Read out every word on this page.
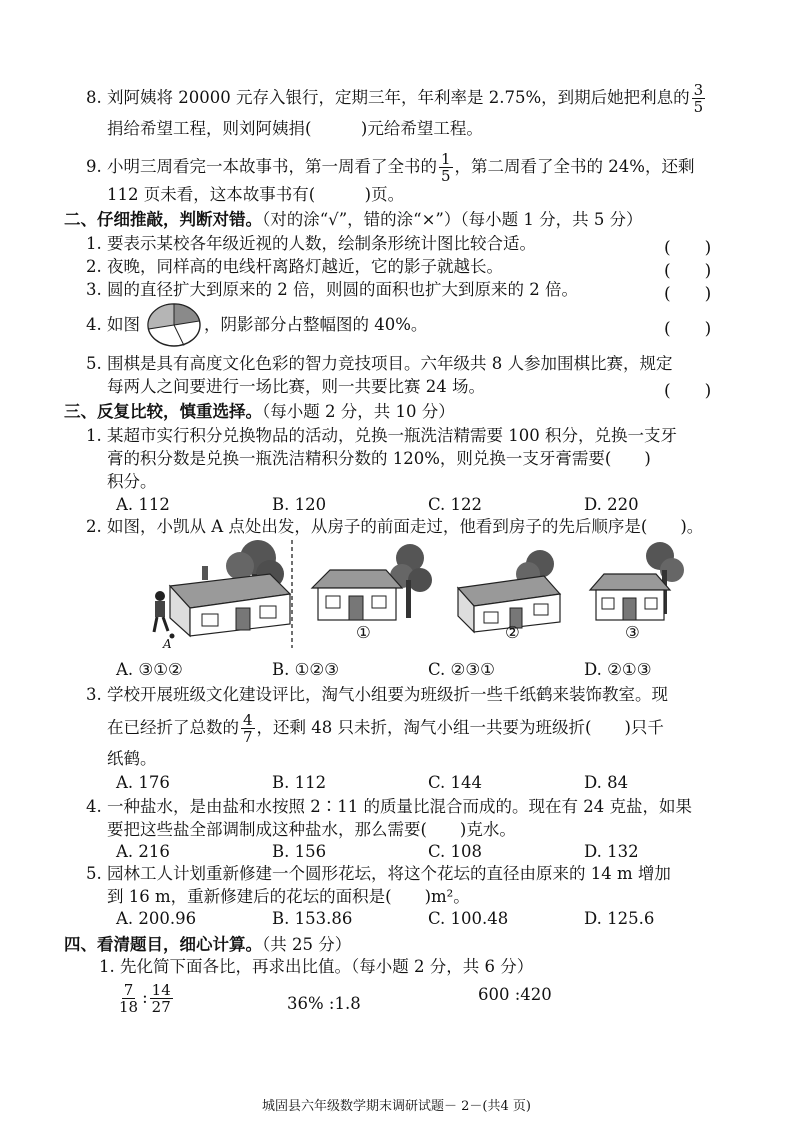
8. 刘阿姨将 20000 元存入银行，定期三年，年利率是 2.75%，到期后她把利息的 $\frac{3}{5}$
捐给希望工程，则刘阿姨捐(　　　)元给希望工程。
9. 小明三周看完一本故事书，第一周看了全书的 $\frac{1}{5}$ ，第二周看了全书的 24%，还剩
112 页未看，这本故事书有(　　　)页。
二、仔细推敲，判断对错。（对的涂“√”，错的涂“×”）（每小题 1 分，共 5 分）
1. 要表示某校各年级近视的人数，绘制条形统计图比较合适。	(　　)
2. 夜晚，同样高的电线杆离路灯越近，它的影子就越长。	(　　)
3. 圆的直径扩大到原来的 2 倍，则圆的面积也扩大到原来的 2 倍。	(　　)
4. 如图	，阴影部分占整幅图的 40%。	(　　)
5. 围棋是具有高度文化色彩的智力竞技项目。六年级共 8 人参加围棋比赛，规定
每两人之间要进行一场比赛，则一共要比赛 24 场。	(　　)
三、反复比较，慎重选择。（每小题 2 分，共 10 分）
1. 某超市实行积分兑换物品的活动，兑换一瓶洗洁精需要 100 积分，兑换一支牙
膏的积分数是兑换一瓶洗洁精积分数的 120%，则兑换一支牙膏需要(　　)
积分。
A. 112	B. 120	C. 122	D. 220
2. 如图，小凯从 A 点处出发，从房子的前面走过，他看到房子的先后顺序是(　　)。
A
①	②	③
A. ③①②	B. ①②③	C. ②③①	D. ②①③
3. 学校开展班级文化建设评比，淘气小组要为班级折一些千纸鹤来装饰教室。现
在已经折了总数的 $\frac{4}{7}$ ，还剩 48 只未折，淘气小组一共要为班级折(　　)只千
纸鹤。
A. 176	B. 112	C. 144	D. 84
4. 一种盐水，是由盐和水按照 2∶11 的质量比混合而成的。现在有 24 克盐，如果
要把这些盐全部调制成这种盐水，那么需要(　　)克水。
A. 216	B. 156	C. 108	D. 132
5. 园林工人计划重新修建一个圆形花坛，将这个花坛的直径由原来的 14 m 增加
到 16 m，重新修建后的花坛的面积是(　　)m²。
A. 200.96	B. 153.86	C. 100.48	D. 125.6
四、看清题目，细心计算。（共 25 分）
1. 先化简下面各比，再求出比值。（每小题 2 分，共 6 分）
$\frac{7}{18}$ : $\frac{14}{27}$	36% :1.8	600 :420
城固县六年级数学期末调研试题－ 2－(共4 页)
